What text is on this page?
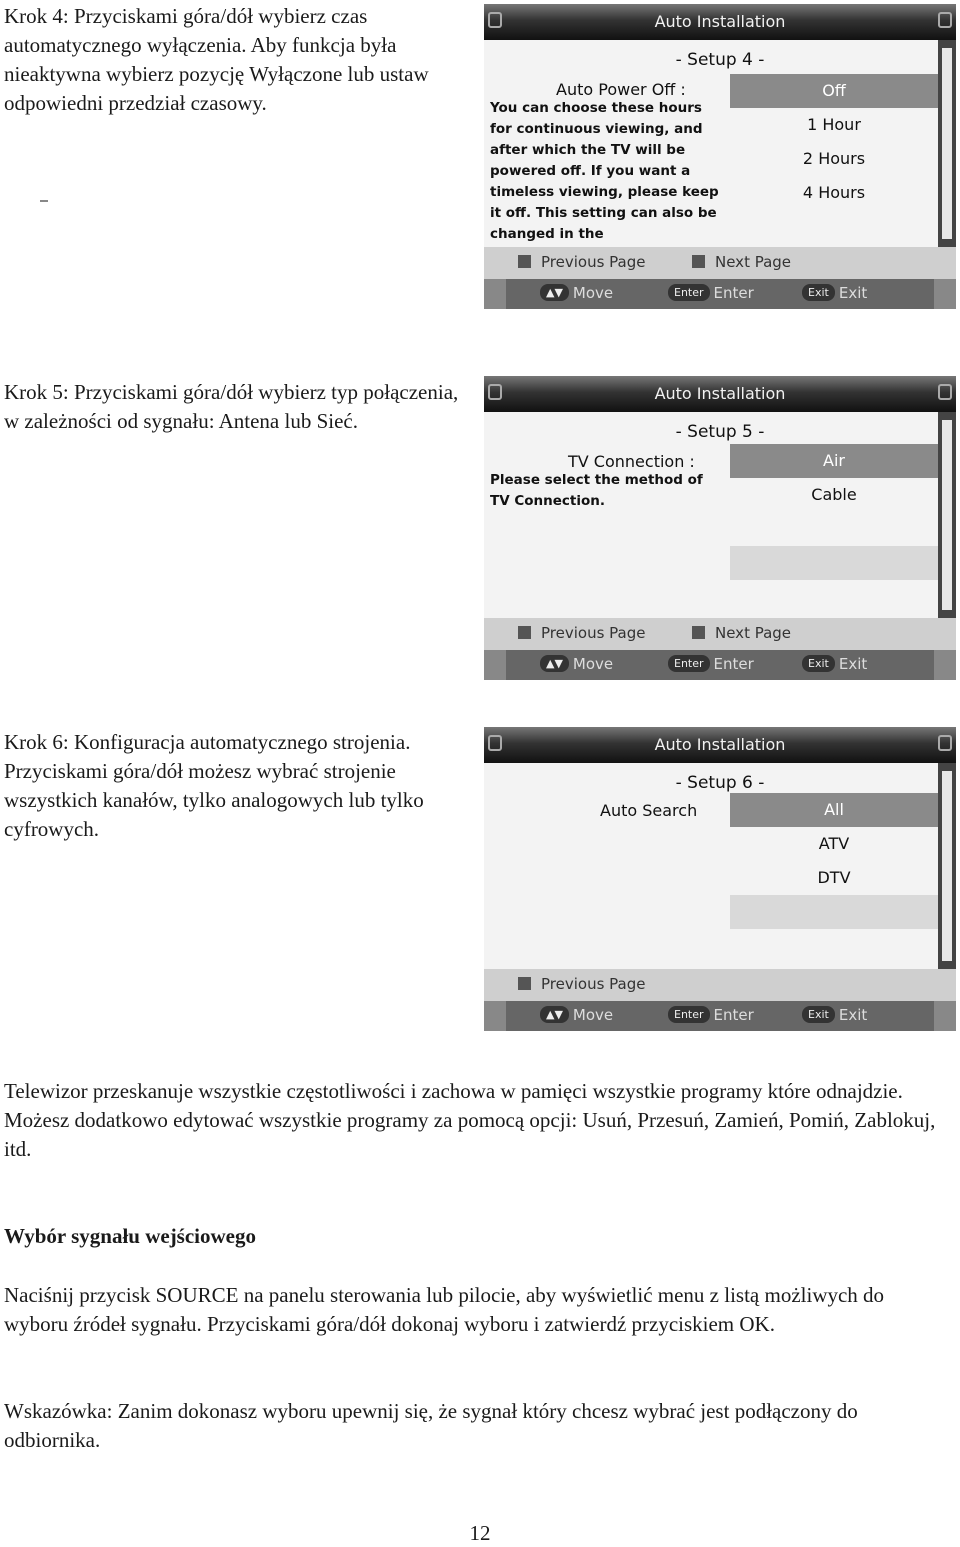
Krok 4: Przyciskami góra/dół wybierz czas automatycznego wyłączenia. Aby funkcja była nieaktywna wybierz pozycję Wyłączone lub ustaw odpowiedni przedział czasowy.

Auto Installation
- Setup 4 -
Auto Power Off :
You can choose these hours for continuous viewing, and after which the TV will be powered off. If you want a timeless viewing, please keep it off. This setting can also be changed in the
Off
1 Hour
2 Hours
4 Hours
Previous Page	Next Page
▲▼ Move	Enter Enter	Exit Exit

Krok 5: Przyciskami góra/dół wybierz typ połączenia, w zależności od sygnału: Antena lub Sieć.

Auto Installation
- Setup 5 -
TV Connection :
Please select the method of TV Connection.
Air
Cable
Previous Page	Next Page
▲▼ Move	Enter Enter	Exit Exit

Krok 6: Konfiguracja automatycznego strojenia. Przyciskami góra/dół możesz wybrać strojenie wszystkich kanałów, tylko analogowych lub tylko cyfrowych.

Auto Installation
- Setup 6 -
Auto Search	All
ATV
DTV
Previous Page
▲▼ Move	Enter Enter	Exit Exit

Telewizor przeskanuje wszystkie częstotliwości i zachowa w pamięci wszystkie programy które odnajdzie. Możesz dodatkowo edytować wszystkie programy za pomocą opcji: Usuń, Przesuń, Zamień, Pomiń, Zablokuj, itd.

Wybór sygnału wejściowego

Naciśnij przycisk SOURCE na panelu sterowania lub pilocie, aby wyświetlić menu z listą możliwych do wyboru źródeł sygnału. Przyciskami góra/dół dokonaj wyboru i zatwierdź przyciskiem OK.

Wskazówka: Zanim dokonasz wyboru upewnij się, że sygnał który chcesz wybrać jest podłączony do odbiornika.

12
